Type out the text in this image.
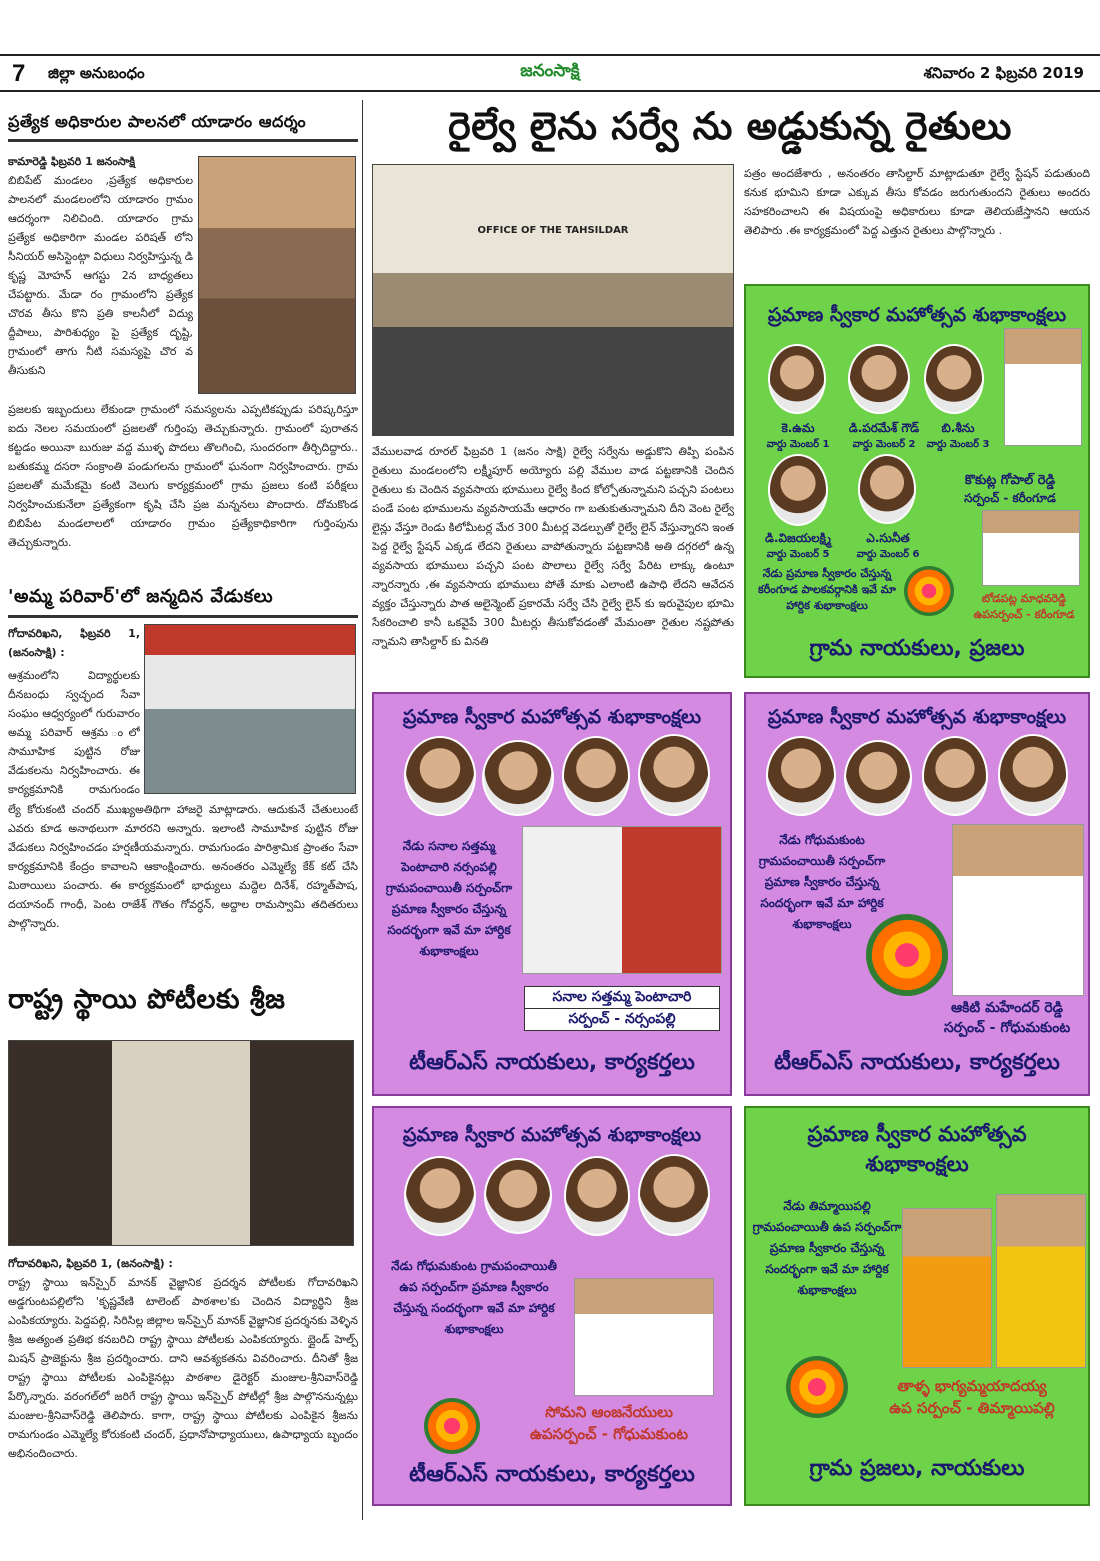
7 జిల్లా అనుబంధం	జనంసాక్షి	శనివారం 2 ఫిబ్రవరి 2019
ప్రత్యేక అధికారుల పాలనలో యాడారం ఆదర్శం
కామారెడ్డి ఫిబ్రవరి 1 జనంసాక్షి
బిబిపేట్ మండలం ,ప్రత్యేక అధికారుల పాలనలో మండలంలోని యాడారం గ్రామం ఆదర్శంగా నిలిచింది. యాడారం గ్రామ ప్రత్యేక అధికారిగా మండల పరిషత్ లోని సీనియర్ అసిస్టెంట్గా విధులు నిర్వహిస్తున్న డి కృష్ణ మోహన్ ఆగస్టు 2న బాధ్యతలు చేపట్టారు. మేడా రం గ్రామంలోని ప్రత్యేక చొరవ తీసు కొని ప్రతి కాలనీలో విద్యు ద్దీపాలు, పారిశుధ్యం పై ప్రత్యేక దృష్టి, గ్రామంలో తాగు నీటి సమస్యపై చొర వ తీసుకుని
ప్రజలకు ఇబ్బందులు లేకుండా గ్రామంలో సమస్యలను ఎప్పటికప్పుడు పరిష్కరిస్తూ ఐదు నెలల సమయంలో ప్రజలతో గుర్తింపు తెచ్చుకున్నారు. గ్రామంలో పురాతన కట్టడం అయినా బురుజు వద్ద ముళ్ళ పొదలు తొలగించి, సుందరంగా తీర్చిదిద్దారు.. బతుకమ్మ దసరా సంక్రాంతి పండుగలను గ్రామంలో ఘనంగా నిర్వహించారు. గ్రామ ప్రజలతో మమేకమై కంటి వెలుగు కార్యక్రమంలో గ్రామ ప్రజలు కంటి పరీక్షలు నిర్వహించుకునేలా ప్రత్యేకంగా కృషి చేసి ప్రజ మన్ననలు పొందారు. దోమకొండ బిబిపేట మండలాలలో యాడారం గ్రామం ప్రత్యేకాధికారిగా గుర్తింపును తెచ్చుకున్నారు.
'అమ్మ పరివార్'లో జన్మదిన వేడుకలు
గోదావరిఖని, ఫిబ్రవరి 1, (జనంసాక్షి) :
ఆశ్రమంలోని విద్యార్థులకు దీనబంధు స్వచ్ఛంద సేవా సంఘం ఆధ్వర్యంలో గురువారం అమ్మ పరివార్ ఆశ్రమ ంలో సామూహిక పుట్టిన రోజు వేడుకలను నిర్వహించారు. ఈ కార్యక్రమానికి రామగుండం
ల్యే కోరుకంటి చందర్ ముఖ్యఅతిథిగా హాజరై మాట్లాడారు. ఆదుకునే చేతులుంటే ఎవరు కూడ అనాథలుగా మారరని అన్నారు. ఇలాంటి సామూహిక పుట్టిన రోజు వేడుకలు నిర్వహించడం హర్షణీయమన్నారు. రామగుండం పారిశ్రామిక ప్రాంతం సేవా కార్యక్రమానికి కేంద్రం కావాలని ఆకాంక్షించారు. అనంతరం ఎమ్మెల్యే కేక్ కట్ చేసి మిఠాయిలు పంచారు. ఈ కార్యక్రమంలో భాధ్యులు మద్దెల దినేశ్, రహ్మత్‌పాష, దయానంద్ గాంధీ, పెంట రాజేశ్ గౌతం గోవర్ధన్, అద్దాల రామస్వామి తదితరులు పాల్గొన్నారు.
రాష్ట్ర స్థాయి పోటీలకు శ్రీజ
గోదావరిఖని, ఫిబ్రవరి 1, (జనంసాక్షి) :
రాష్ట్ర స్థాయి ఇన్‌స్పైర్ మానక్ వైజ్ఞానిక ప్రదర్శన పోటీలకు గోదావరిఖని అడ్డగుంటపల్లిలోని 'కృష్ణవేణి టాలెంట్ పాఠశాల'కు చెందిన విద్యార్థిని శ్రీజ ఎంపికయ్యారు. పెద్దపల్లి, సిరిసిల్ల జిల్లాల ఇన్‌స్పైర్ మానక్ వైజ్ఞానిక ప్రదర్శనకు వెళ్ళిన శ్రీజ అత్యంత ప్రతిభ కనబరిచి రాష్ట్ర స్థాయి పోటీలకు ఎంపికయ్యారు. బ్లైండ్ హెల్ప్ మిషన్ ప్రాజెక్టును శ్రీజ ప్రదర్శించారు. దాని ఆవశ్యకతను వివరించారు. దీనితో శ్రీజ రాష్ట్ర స్థాయి పోటీలకు ఎంపికైనట్లు పాఠశాల డైరెక్టర్ మంజుల-శ్రీనివాస్‌రెడ్డి పేర్కొన్నారు. వరంగల్‌లో జరిగే రాష్ట్ర స్థాయి ఇన్‌స్పైర్ పోటీల్లో శ్రీజ పాల్గొననున్నట్లు మంజుల-శ్రీనివాస్‌రెడ్డి తెలిపారు. కాగా, రాష్ట్ర స్థాయి పోటీలకు ఎంపికైన శ్రీజను రామగుండం ఎమ్మెల్యే కోరుకంటి చందర్, ప్రధానోపాధ్యాయులు, ఉపాధ్యాయ బృందం అభినందించారు.
రైల్వే లైను సర్వే ను అడ్డుకున్న రైతులు
OFFICE OF THE TAHSILDAR
వేములవాడ రూరల్ ఫిబ్రవరి 1 (జనం సాక్షి) రైల్వే సర్వేను అడ్డుకొని తిప్పి పంపిన రైతులు మండలంలోని లక్ష్మీపూర్ అయ్యోరు పల్లి వేముల వాడ పట్టణానికి చెందిన రైతులు కు చెందిన వ్యవసాయ భూములు రైల్వే కింద కోల్పోతున్నామని పచ్చని పంటలు పండే పంట భూములను వ్యవసాయమే ఆధారం గా బతుకుతున్నామని దీని వెంట రైల్వే లైన్లు వేస్తూ రెండు కిలోమీటర్ల మేర 300 మీటర్ల వెడల్పుతో రైల్వే లైన్ వేస్తున్నారని ఇంత పెద్ద రైల్వే స్టేషన్ ఎక్కడ లేదని రైతులు వాపోతున్నారు పట్టణానికి అతి దగ్గరలో ఉన్న వ్యవసాయ భూములు పచ్చని పంట పొలాలు రైల్వే సర్వే పేరిట లాక్కు ఉంటూ న్నారన్నారు ,ఈ వ్యవసాయ భూములు పోతే మాకు ఎలాంటి ఉపాధి లేదని ఆవేదన వ్యక్తం చేస్తున్నారు పాత అలైన్మెంట్ ప్రకారమే సర్వే చేసి రైల్వే లైన్ కు ఇరువైపుల భూమి సేకరించాలి కానీ ఒకవైపే 300 మీటర్లు తీసుకోవడంతో మేమంతా రైతుల నష్టపోతు న్నామని తాసిల్దార్ కు వినతి
పత్రం అందజేశారు , అనంతరం తాసిల్దార్ మాట్లాడుతూ రైల్వే స్టేషన్ పడుతుంది కనుక భూమిని కూడా ఎక్కువ తీసు కోవడం జరుగుతుందని రైతులు అందరు సహకరించాలని ఈ విషయంపై అధికారులు కూడా తెలియజేస్తానని ఆయన తెలిపారు .ఈ కార్యక్రమంలో పెద్ద ఎత్తున రైతులు పాల్గొన్నారు .
ప్రమాణ స్వీకార మహోత్సవ శుభాకాంక్షలు
కె.ఉమ
వార్డు మెంబర్ 1
డి.పరమేశ్ గౌడ్
వార్డు మెంబర్ 2
బి.శీను
వార్డు మెంబర్ 3
డి.విజయలక్ష్మి
వార్డు మెంబర్ 5
ఎ.సునీత
వార్డు మెంబర్ 6
కొకుట్ల గోపాల్ రెడ్డి
సర్పంచ్ - కరీంగూడ
నేడు ప్రమాణ స్వీకారం చేస్తున్న కరీంగూడ పాలకవర్గానికి ఇవే మా హార్దిక శుభాకాంక్షలు
బోడపట్ల మాధవరెడ్డి
ఉపసర్పంచ్ - కరీంగూడ
గ్రామ నాయకులు, ప్రజలు
ప్రమాణ స్వీకార మహోత్సవ శుభాకాంక్షలు
నేడు సనాల సత్తమ్మ పెంటాచారి నర్సంపల్లి గ్రామపంచాయితీ సర్పంచ్‌గా ప్రమాణ స్వీకారం చేస్తున్న సందర్భంగా ఇవే మా హార్దిక శుభాకాంక్షలు
సనాల సత్తమ్మ పెంటాచారి
సర్పంచ్ - నర్సంపల్లి
టీఆర్ఎస్ నాయకులు, కార్యకర్తలు
ప్రమాణ స్వీకార మహోత్సవ శుభాకాంక్షలు
నేడు గోధుమకుంట గ్రామపంచాయితీ సర్పంచ్‌గా ప్రమాణ స్వీకారం చేస్తున్న సందర్భంగా ఇవే మా హార్దిక శుభాకాంక్షలు
ఆకిటి మహేందర్ రెడ్డి
సర్పంచ్ - గోధుమకుంట
టీఆర్ఎస్ నాయకులు, కార్యకర్తలు
ప్రమాణ స్వీకార మహోత్సవ శుభాకాంక్షలు
నేడు గోధుమకుంట గ్రామపంచాయితీ ఉప సర్పంచ్‌గా ప్రమాణ స్వీకారం చేస్తున్న సందర్భంగా ఇవే మా హార్దిక శుభాకాంక్షలు
సోమని ఆంజనేయులు
ఉపసర్పంచ్ - గోధుమకుంట
టీఆర్ఎస్ నాయకులు, కార్యకర్తలు
ప్రమాణ స్వీకార మహోత్సవ
శుభాకాంక్షలు
నేడు తిమ్మాయిపల్లి గ్రామపంచాయితీ ఉప సర్పంచ్‌గా ప్రమాణ స్వీకారం చేస్తున్న సందర్భంగా ఇవే మా హార్దిక శుభాకాంక్షలు
తాళ్ళ భాగ్యమ్మయాదయ్య
ఉప సర్పంచ్ - తిమ్మాయిపల్లి
గ్రామ ప్రజలు, నాయకులు
